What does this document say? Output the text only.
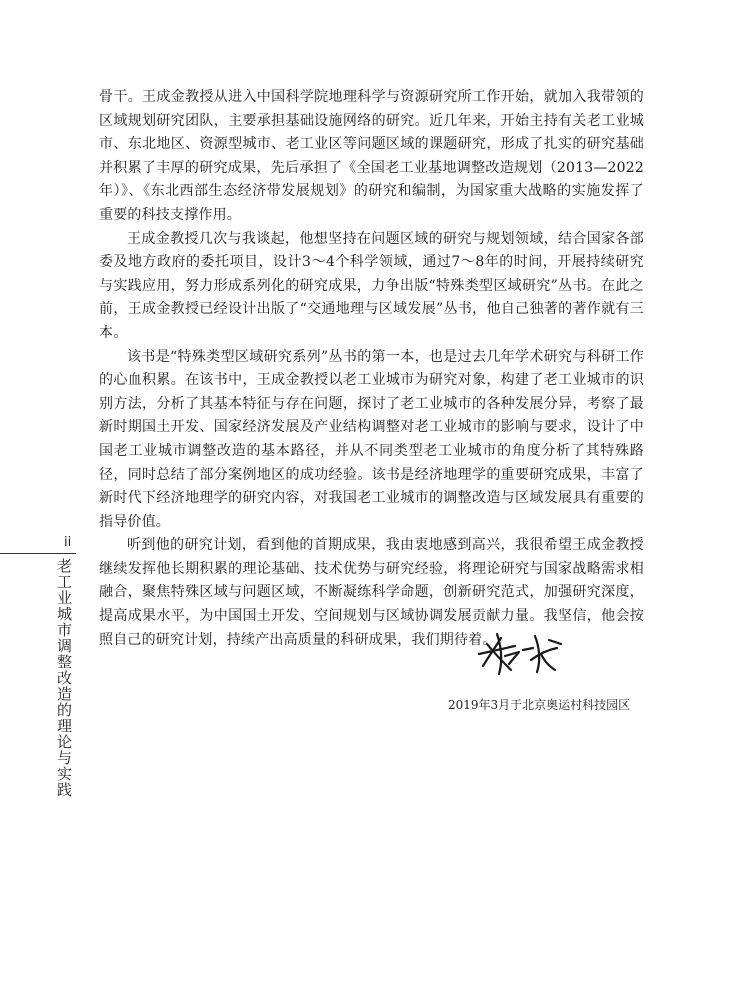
ii
老工业城市调整改造的理论与实践

骨干。王成金教授从进入中国科学院地理科学与资源研究所工作开始，就加入我带领的区域规划研究团队，主要承担基础设施网络的研究。近几年来，开始主持有关老工业城市、东北地区、资源型城市、老工业区等问题区域的课题研究，形成了扎实的研究基础并积累了丰厚的研究成果，先后承担了《全国老工业基地调整改造规划（2013—2022年）》、《东北西部生态经济带发展规划》的研究和编制，为国家重大战略的实施发挥了重要的科技支撑作用。

王成金教授几次与我谈起，他想坚持在问题区域的研究与规划领域，结合国家各部委及地方政府的委托项目，设计3～4个科学领域，通过7～8年的时间，开展持续研究与实践应用，努力形成系列化的研究成果，力争出版“特殊类型区域研究”丛书。在此之前，王成金教授已经设计出版了“交通地理与区域发展”丛书，他自己独著的著作就有三本。

该书是“特殊类型区域研究系列”丛书的第一本，也是过去几年学术研究与科研工作的心血积累。在该书中，王成金教授以老工业城市为研究对象，构建了老工业城市的识别方法，分析了其基本特征与存在问题，探讨了老工业城市的各种发展分异，考察了最新时期国土开发、国家经济发展及产业结构调整对老工业城市的影响与要求，设计了中国老工业城市调整改造的基本路径，并从不同类型老工业城市的角度分析了其特殊路径，同时总结了部分案例地区的成功经验。该书是经济地理学的重要研究成果，丰富了新时代下经济地理学的研究内容，对我国老工业城市的调整改造与区域发展具有重要的指导价值。

听到他的研究计划，看到他的首期成果，我由衷地感到高兴，我很希望王成金教授继续发挥他长期积累的理论基础、技术优势与研究经验，将理论研究与国家战略需求相融合，聚焦特殊区域与问题区域，不断凝练科学命题，创新研究范式，加强研究深度，提高成果水平，为中国国土开发、空间规划与区域协调发展贡献力量。我坚信，他会按照自己的研究计划，持续产出高质量的科研成果，我们期待着。

2019年3月于北京奥运村科技园区
